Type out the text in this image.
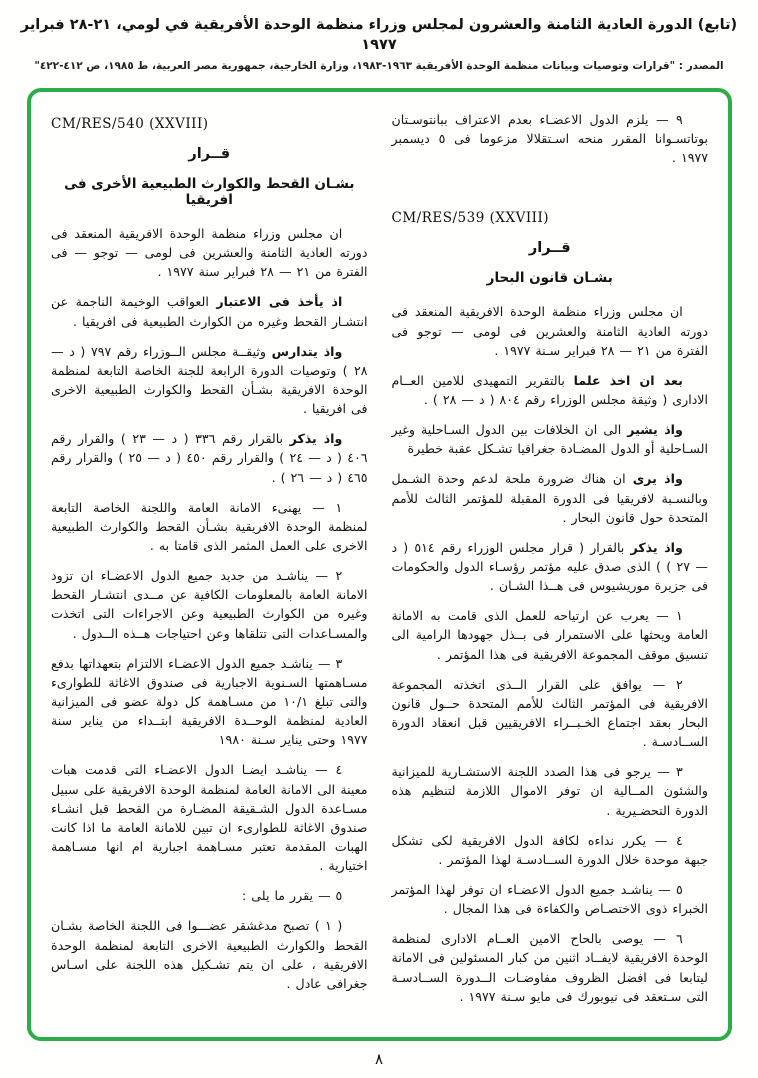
(تابع) الدورة العادية الثامنة والعشرون لمجلس وزراء منظمة الوحدة الأفريقية في لومي، ٢١-٢٨ فبراير ١٩٧٧
المصدر : "قرارات وتوصيات وبيانات منظمة الوحدة الأفريقية ١٩٦٣-١٩٨٣، وزارة الخارجية، جمهورية مصر العربية، ط ١٩٨٥، ص ٤١٢-٤٢٢"

٩ — يلزم الدول الاعضـاء بعدم الاعتراف ببانتوسـتان بوتاتسـوانا المقرر منحه اسـتقلالا مزعوما فى ٥ ديسمبر ١٩٧٧ .

CM/RES/539 (XXVIII)
قــرار
بشـان قانون البحار

ان مجلس وزراء منظمة الوحدة الافريقية المنعقد فى دورته العادية الثامنة والعشرين فى لومى — توجو فى الفترة من ٢١ — ٢٨ فبراير سـنة ١٩٧٧ .

بعد ان اخذ علما بالتقرير التمهيدى للامين العــام الادارى ( وثيقة مجلس الوزراء رقم ٨٠٤ ( د — ٢٨ ) .

واذ يشير الى ان الخلافات بين الدول السـاحلية وغير السـاحلية أو الدول المضـادة جغرافيا تشـكل عقبة خطيرة

واذ يرى ان هناك ضرورة ملحة لدعم وحدة الشـمل وبالنسـبة لافريقيا فى الدورة المقبلة للمؤتمر الثالث للأمم المتحدة حول قانون البحار .

واذ يذكر بالقرار ( قرار مجلس الوزراء رقم ٥١٤ ( د — ٢٧ ) ) الذى صدق عليه مؤتمر رؤسـاء الدول والحكومات فى جزيرة موريشيوس فى هــذا الشـان .

١ — يعرب عن ارتياحه للعمل الذى قامت به الامانة العامة ويحثها على الاستمرار فى بــذل جهودها الرامية الى تنسيق موقف المجموعة الافريقية فى هذا المؤتمر .

٢ — يوافق على القرار الــذى اتخذته المجموعة الافريقية فى المؤتمر الثالث للأمم المتحدة حــول قانون البحار بعقد اجتماع الخـبــراء الافريقيين قبل انعقاد الدورة الســادسـة .

٣ — يرجو فى هذا الصدد اللجنة الاستشـارية للميزانية والشئون المــالية ان توفر الاموال اللازمة لتنظيم هذه الدورة التحضـيرية .

٤ — يكرر نداءه لكافة الدول الافريقية لكى تشكل جبهة موحدة خلال الدورة الســادسـة لهذا المؤتمر .

٥ — يناشـد جميع الدول الاعضـاء ان توفر لهذا المؤتمر الخبراء ذوى الاختصـاص والكفاءة فى هذا المجال .

٦ — يوصى بالحاح الامين العــام الادارى لمنظمة الوحدة الافريقية لايفــاد اثنين من كبار المسئولين فى الامانة ليتابعا فى افضل الظروف مفاوضـات الــدورة الســادسـة التى سـتعقد فى نيويورك فى مايو سـنة ١٩٧٧ .

CM/RES/540 (XXVIII)
قــرار
بشـان القحط والكوارث الطبيعية الأخرى فى افريقيا

ان مجلس وزراء منظمة الوحدة الافريقية المنعقد فى دورته العادية الثامنة والعشرين فى لومى — توجو — فى الفترة من ٢١ — ٢٨ فبراير سنة ١٩٧٧ .

اذ يأخذ فى الاعتبار العواقب الوخيمة الناجمة عن انتشـار القحط وغيره من الكوارث الطبيعية فى افريقيا .

واذ يتدارس وثيقــة مجلس الــوزراء رقم ٧٩٧ ( د — ٢٨ ) وتوصيات الدورة الرابعة للجنة الخاصة التابعة لمنظمة الوحدة الافريقية بشـأن القحط والكوارث الطبيعية الاخرى فى افريقيا .

واذ يذكر بالقرار رقم ٣٣٦ ( د — ٢٣ ) والقرار رقم ٤٠٦ ( د — ٢٤ ) والقرار رقم ٤٥٠ ( د — ٢٥ ) والقرار رقم ٤٦٥ ( د — ٢٦ ) .

١ — يهنىء الامانة العامة واللجنة الخاصة التابعة لمنظمة الوحدة الافريقية بشـأن القحط والكوارث الطبيعية الاخرى على العمل المثمر الذى قامتا به .

٢ — يناشـد من جديد جميع الدول الاعضـاء ان تزود الامانة العامة بالمعلومات الكافية عن مــدى انتشـار القحط وغيره من الكوارث الطبيعية وعن الاجراءات التى اتخذت والمسـاعدات التى تتلقاها وعن احتياجات هــذه الــدول .

٣ — يناشـد جميع الدول الاعضـاء الالتزام بتعهداتها بدفع مسـاهمتها السـنوية الاجبارية فى صندوق الاغاثة للطوارىء والتى تبلغ ١٠/١ من مسـاهمة كل دولة عضو فى الميزانية العادية لمنظمة الوحــدة الافريقية ابتــداء من يناير سنة ١٩٧٧ وحتى يناير سـنة ١٩٨٠

٤ — يناشـد ايضـا الدول الاعضـاء التى قدمت هبات معينة الى الامانة العامة لمنظمة الوحدة الافريقية على سبيل مسـاعدة الدول الشـقيقة المضـارة من القحط قبل انشـاء صندوق الاغاثة للطوارىء ان تبين للامانة العامة ما اذا كانت الهبات المقدمة تعتبر مسـاهمة اجبارية ام انها مسـاهمة اختيارية .

٥ — يقرر ما يلى :

( ١ ) تصبح مدغشقر عضـــوا فى اللجنة الخاصة بشـان القحط والكوارث الطبيعية الاخرى التابعة لمنظمة الوحدة الافريقية ، على ان يتم تشـكيل هذه اللجنة على اسـاس جغرافى عادل .

٨
